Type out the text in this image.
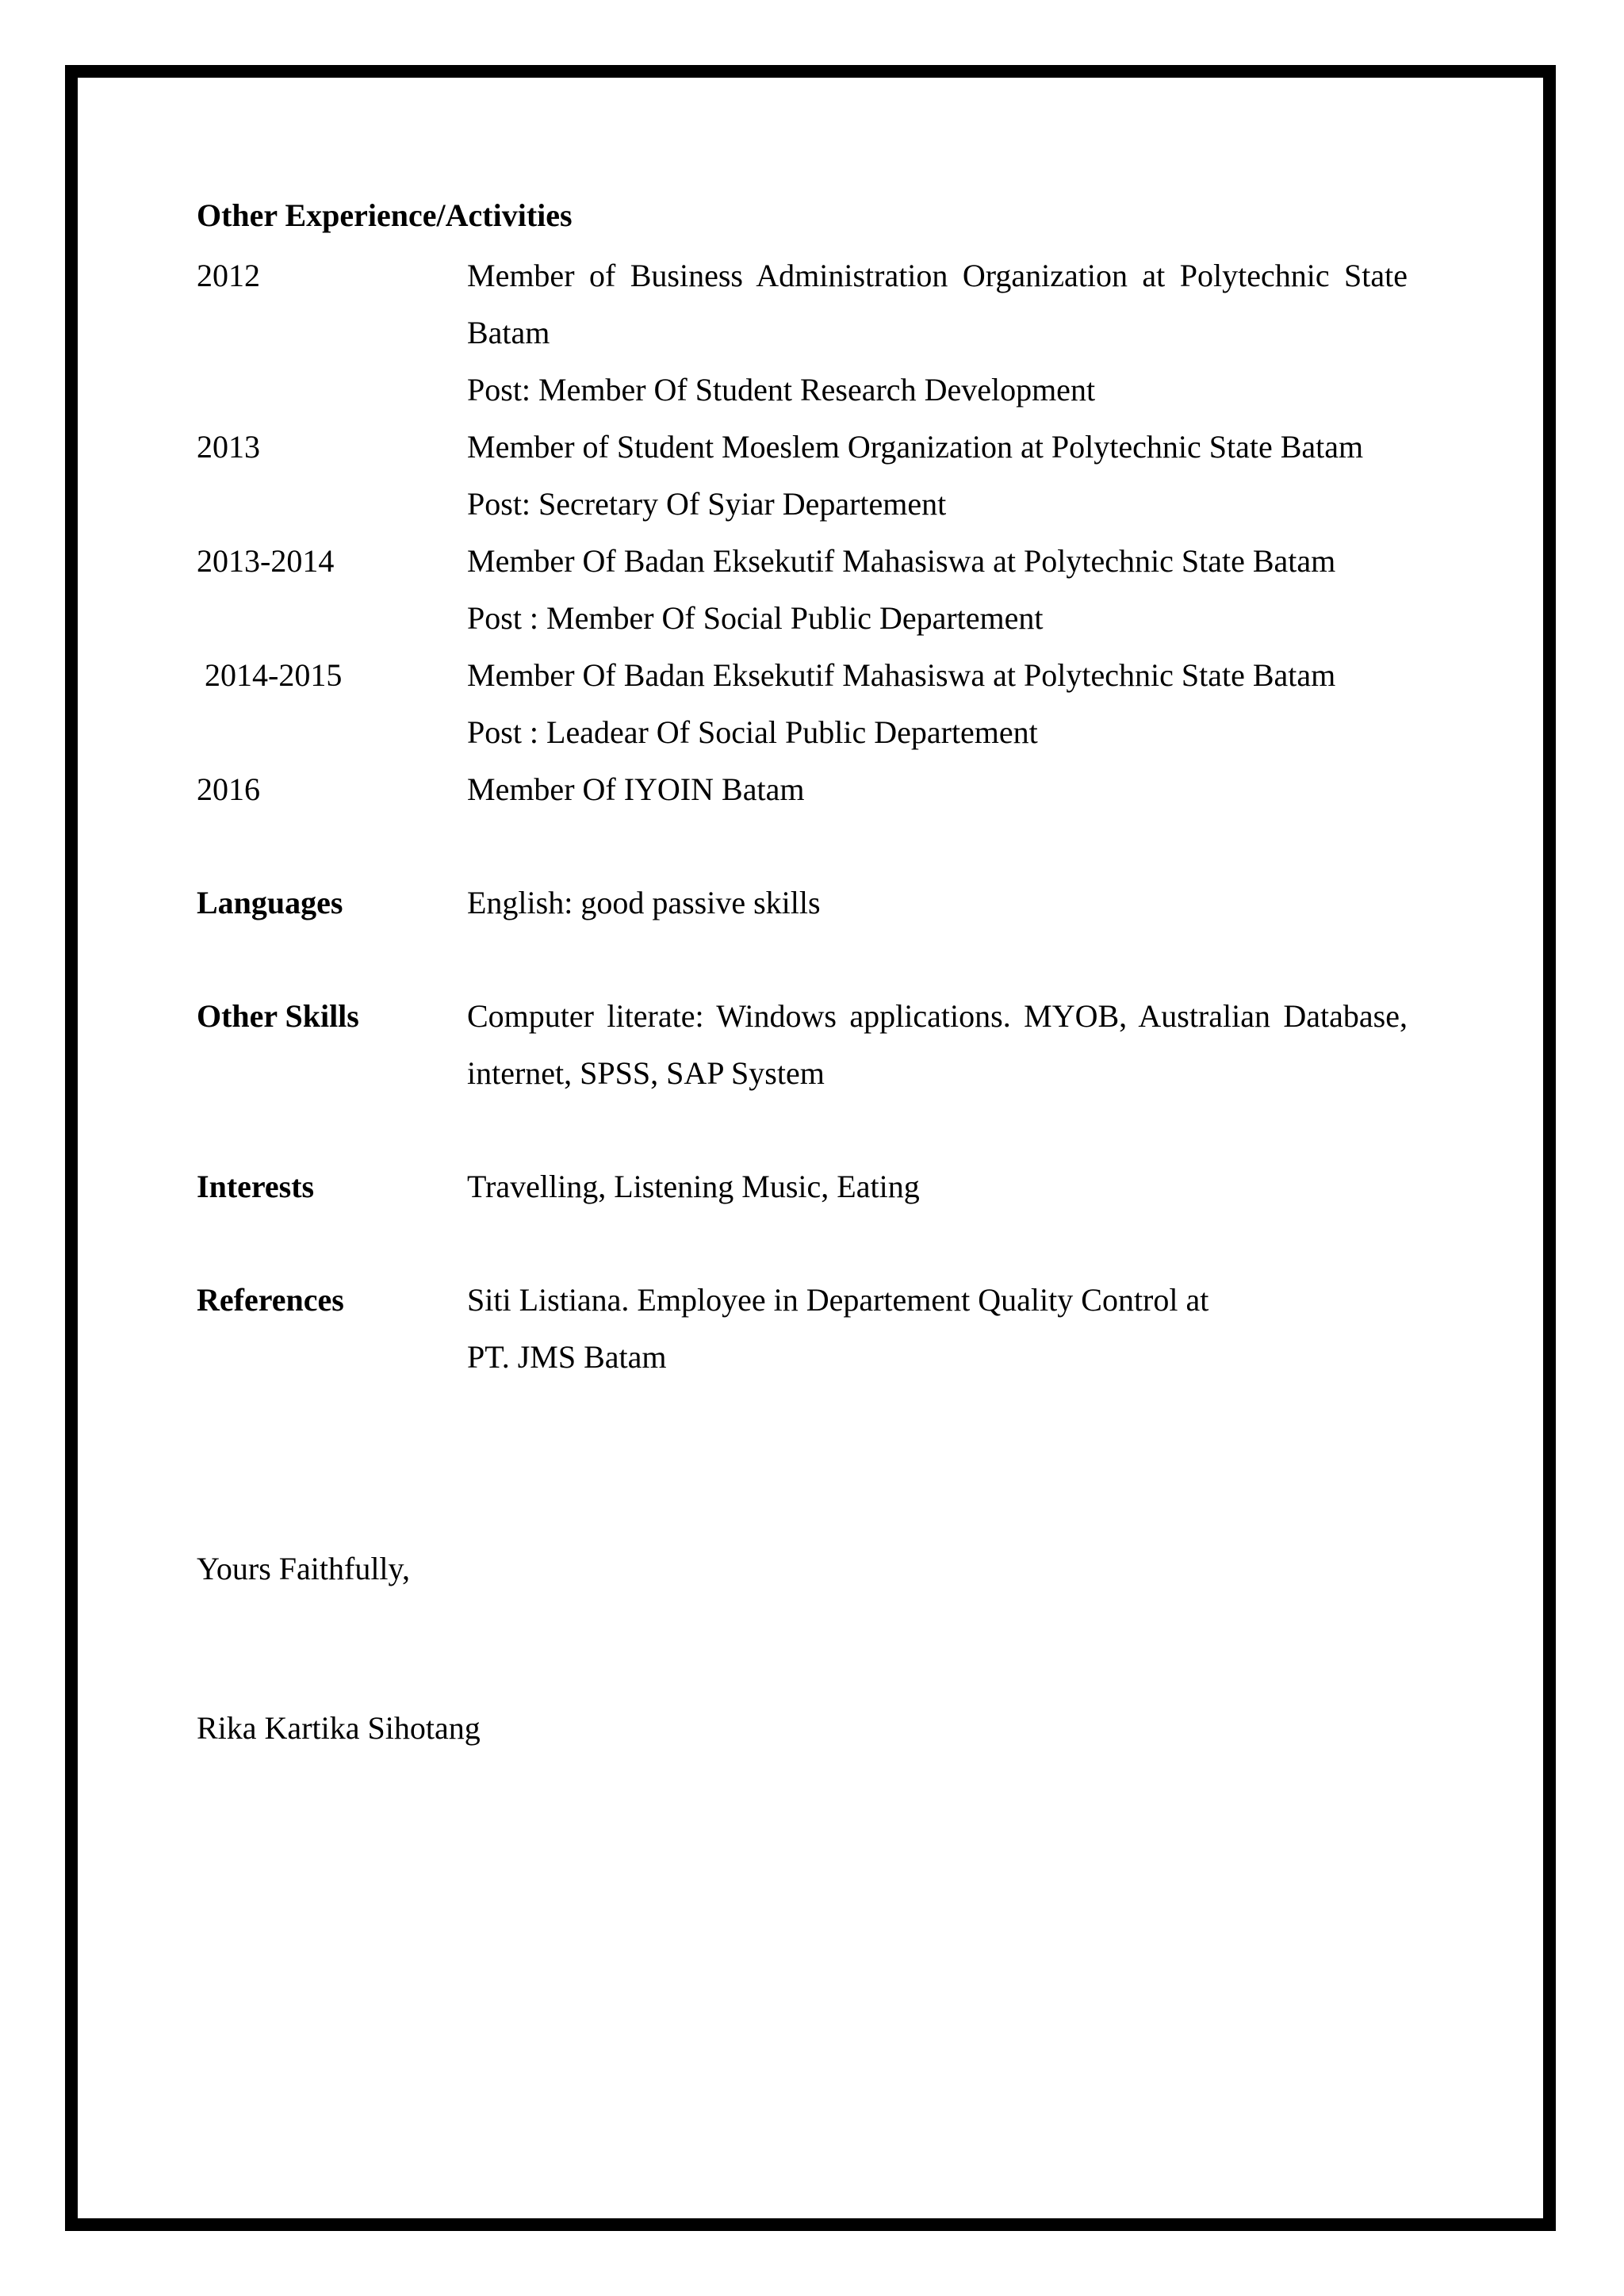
Other Experience/Activities
2012	Member of Business Administration Organization at Polytechnic State
Batam
Post: Member Of Student Research Development
2013	Member of Student Moeslem Organization at Polytechnic State Batam
Post: Secretary Of Syiar Departement
2013-2014	Member Of Badan Eksekutif Mahasiswa at Polytechnic State Batam
Post : Member Of Social Public Departement
2014-2015	Member Of Badan Eksekutif Mahasiswa at Polytechnic State Batam
Post : Leadear Of Social Public Departement
2016	Member Of IYOIN Batam
Languages	English: good passive skills
Other Skills	Computer literate: Windows applications. MYOB, Australian Database,
internet, SPSS, SAP System
Interests	Travelling, Listening Music, Eating
References	Siti Listiana. Employee in Departement Quality Control at
PT. JMS Batam
Yours Faithfully,
Rika Kartika Sihotang
